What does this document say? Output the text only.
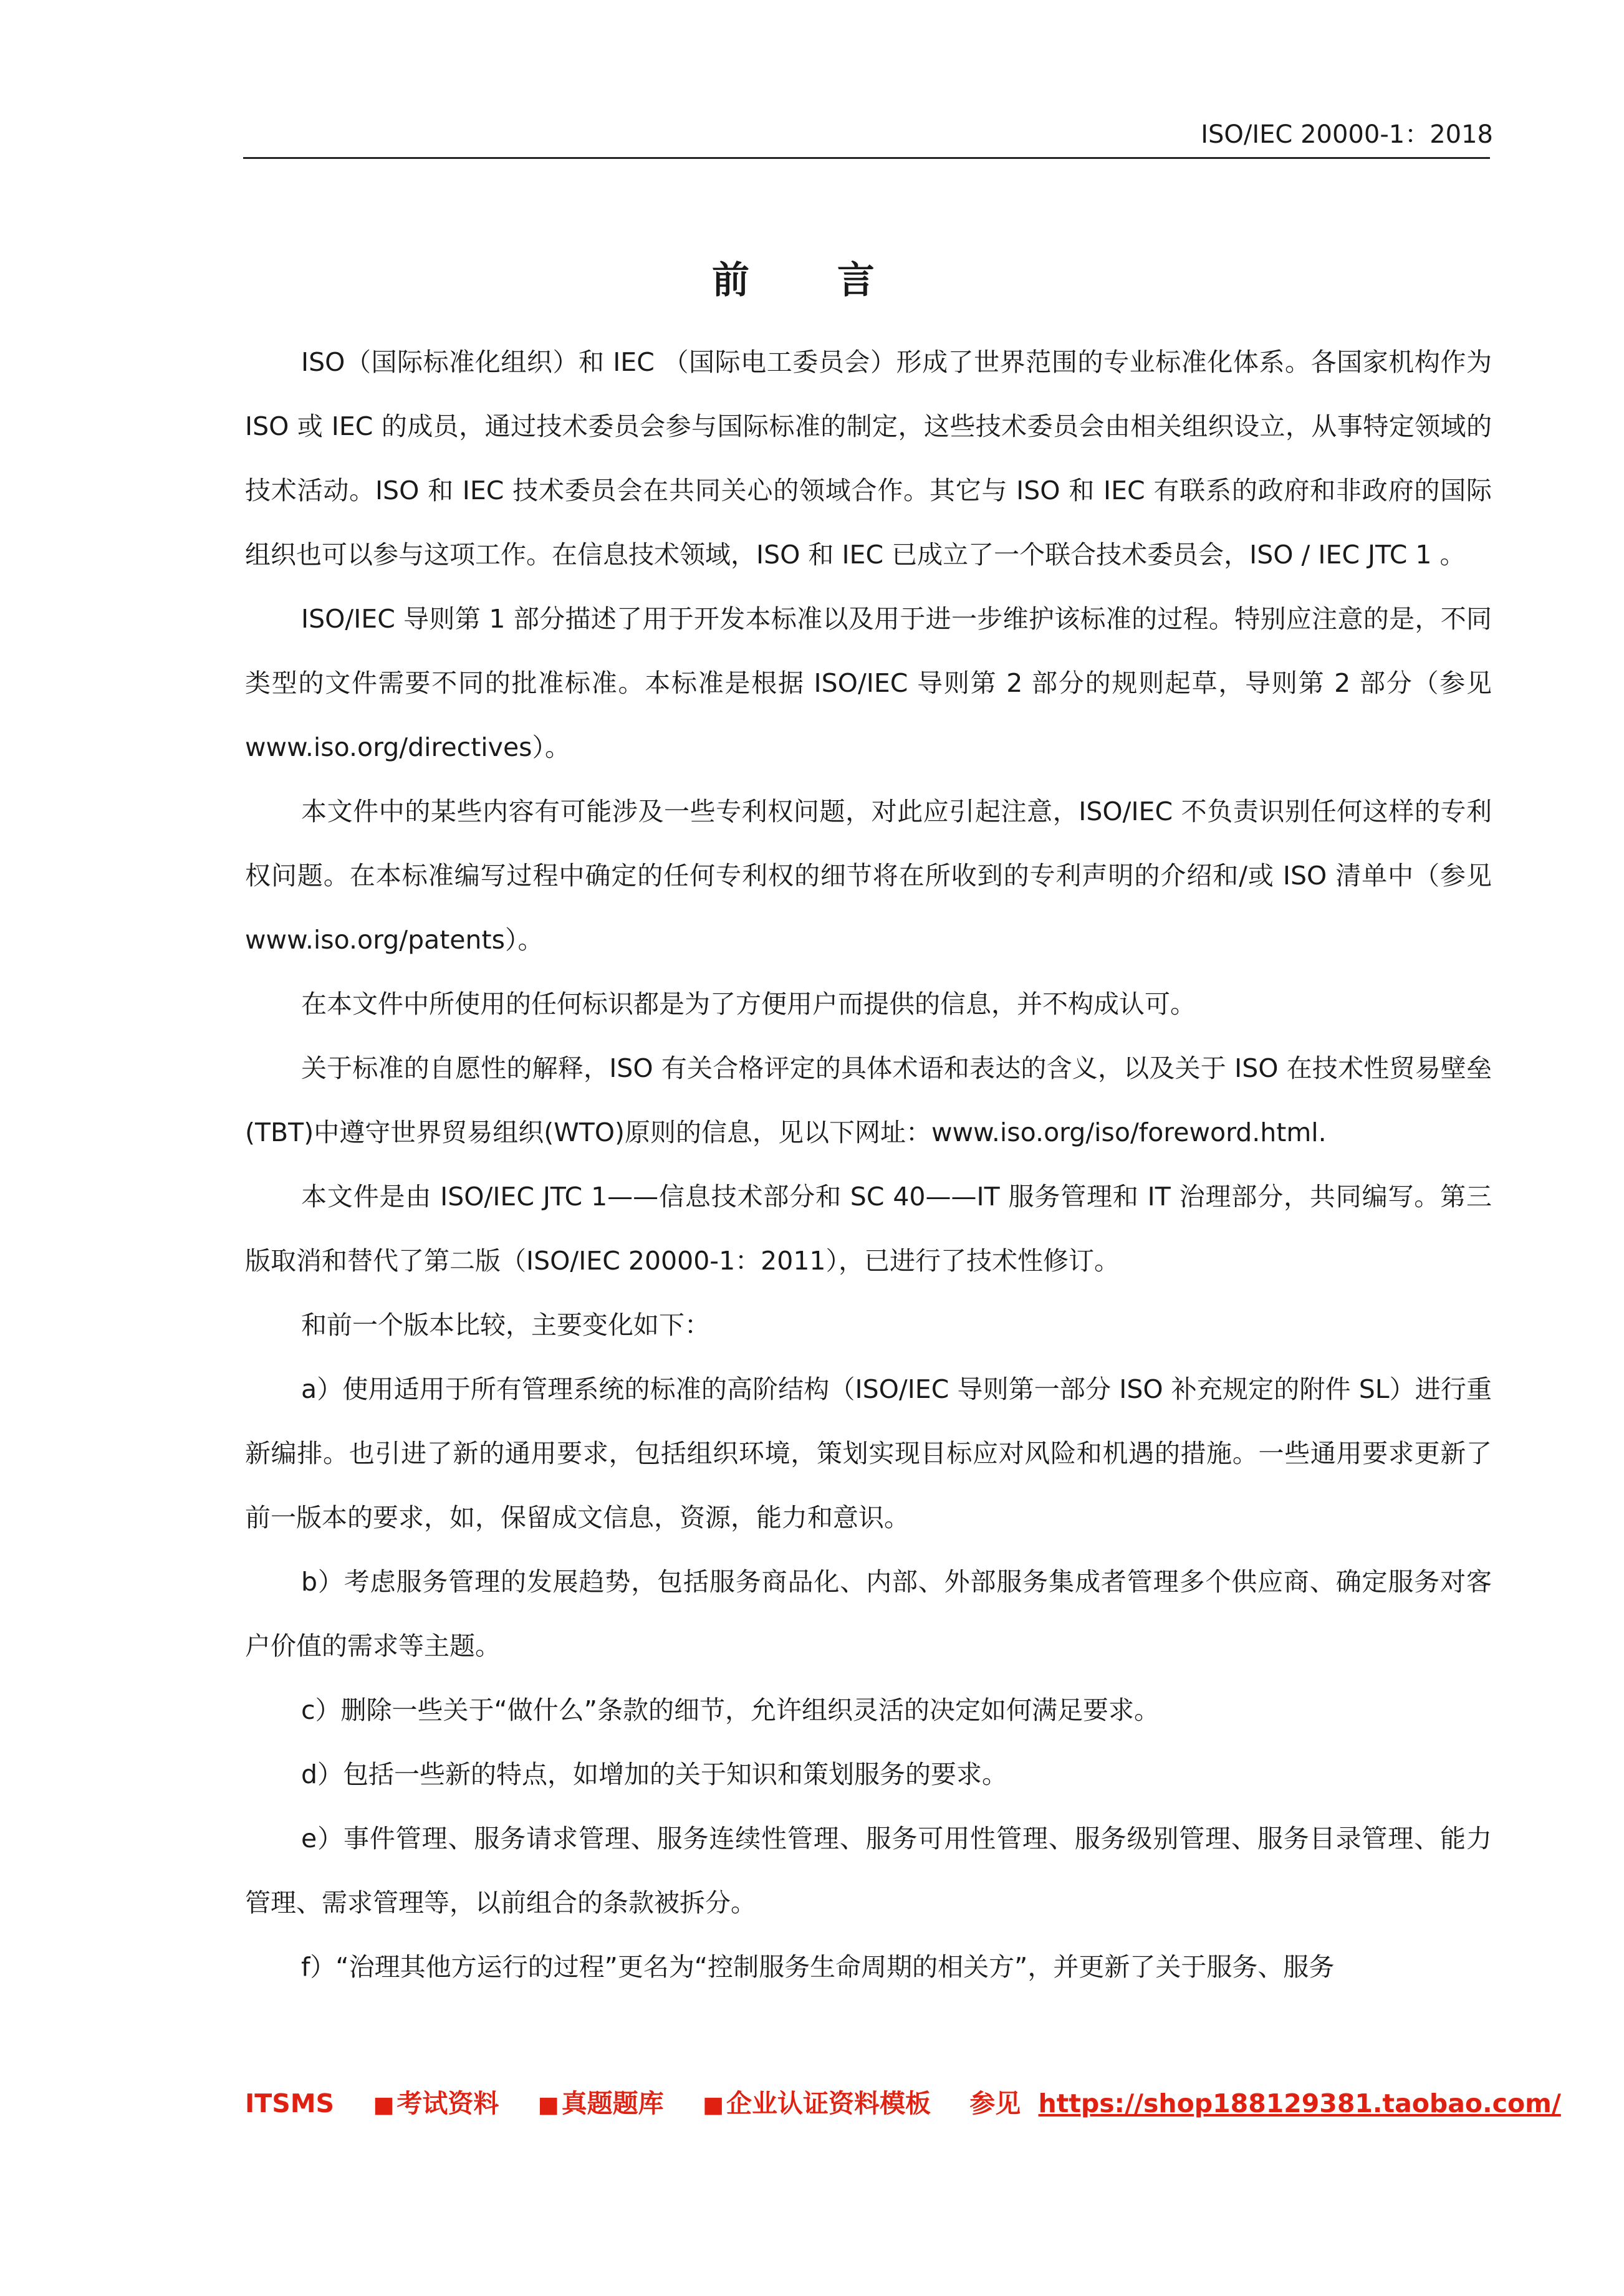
ISO/IEC 20000-1：2018
前 言

ISO（国际标准化组织）和 IEC （国际电工委员会）形成了世界范围的专业标准化体系。各国家机构作为 ISO 或 IEC 的成员，通过技术委员会参与国际标准的制定，这些技术委员会由相关组织设立，从事特定领域的技术活动。ISO 和 IEC 技术委员会在共同关心的领域合作。其它与 ISO 和 IEC 有联系的政府和非政府的国际组织也可以参与这项工作。在信息技术领域，ISO 和 IEC 已成立了一个联合技术委员会，ISO / IEC JTC 1 。

ISO/IEC 导则第 1 部分描述了用于开发本标准以及用于进一步维护该标准的过程。特别应注意的是，不同类型的文件需要不同的批准标准。本标准是根据 ISO/IEC 导则第 2 部分的规则起草，导则第 2 部分（参见 www.iso.org/directives）。

本文件中的某些内容有可能涉及一些专利权问题，对此应引起注意，ISO/IEC 不负责识别任何这样的专利权问题。在本标准编写过程中确定的任何专利权的细节将在所收到的专利声明的介绍和/或 ISO 清单中（参见 www.iso.org/patents）。

在本文件中所使用的任何标识都是为了方便用户而提供的信息，并不构成认可。

关于标准的自愿性的解释，ISO 有关合格评定的具体术语和表达的含义，以及关于 ISO 在技术性贸易壁垒(TBT)中遵守世界贸易组织(WTO)原则的信息，见以下网址：www.iso.org/iso/foreword.html.

本文件是由 ISO/IEC JTC 1——信息技术部分和 SC 40——IT 服务管理和 IT 治理部分，共同编写。第三版取消和替代了第二版（ISO/IEC 20000-1：2011），已进行了技术性修订。

和前一个版本比较，主要变化如下：

a）使用适用于所有管理系统的标准的高阶结构（ISO/IEC 导则第一部分 ISO 补充规定的附件 SL）进行重新编排。也引进了新的通用要求，包括组织环境，策划实现目标应对风险和机遇的措施。一些通用要求更新了前一版本的要求，如，保留成文信息，资源，能力和意识。

b）考虑服务管理的发展趋势，包括服务商品化、内部、外部服务集成者管理多个供应商、确定服务对客户价值的需求等主题。

c）删除一些关于“做什么”条款的细节，允许组织灵活的决定如何满足要求。

d）包括一些新的特点，如增加的关于知识和策划服务的要求。

e）事件管理、服务请求管理、服务连续性管理、服务可用性管理、服务级别管理、服务目录管理、能力管理、需求管理等，以前组合的条款被拆分。

f）“治理其他方运行的过程”更名为“控制服务生命周期的相关方”，并更新了关于服务、服务

ITSMS ■考试资料 ■真题题库 ■企业认证资料模板 参见 https://shop188129381.taobao.com/
